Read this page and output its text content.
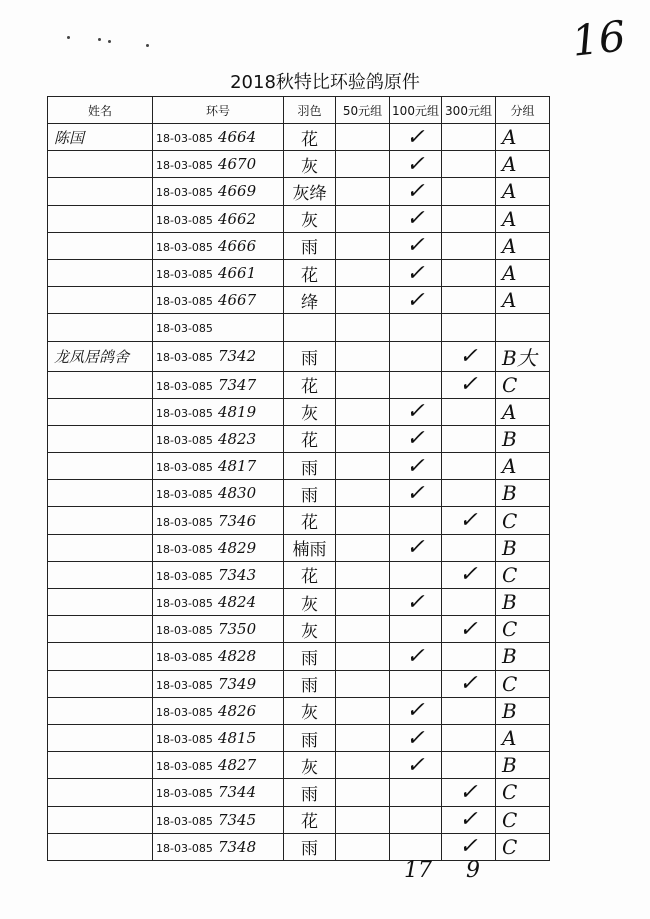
16
2018秋特比环验鸽原件
姓名	环号	羽色	50元组	100元组	300元组	分组
陈国	18-03-085 4664	花		✓		A
	18-03-085 4670	灰		✓		A
	18-03-085 4669	灰绛		✓		A
	18-03-085 4662	灰		✓		A
	18-03-085 4666	雨		✓		A
	18-03-085 4661	花		✓		A
	18-03-085 4667	绛		✓		A
	18-03-085					
龙凤居鸽舍	18-03-085 7342	雨			✓	B大
	18-03-085 7347	花			✓	C
	18-03-085 4819	灰		✓		A
	18-03-085 4823	花		✓		B
	18-03-085 4817	雨		✓		A
	18-03-085 4830	雨		✓		B
	18-03-085 7346	花			✓	C
	18-03-085 4829	楠雨		✓		B
	18-03-085 7343	花			✓	C
	18-03-085 4824	灰		✓		B
	18-03-085 7350	灰			✓	C
	18-03-085 4828	雨		✓		B
	18-03-085 7349	雨			✓	C
	18-03-085 4826	灰		✓		B
	18-03-085 4815	雨		✓		A
	18-03-085 4827	灰		✓		B
	18-03-085 7344	雨			✓	C
	18-03-085 7345	花			✓	C
	18-03-085 7348	雨			✓	C
17 9
